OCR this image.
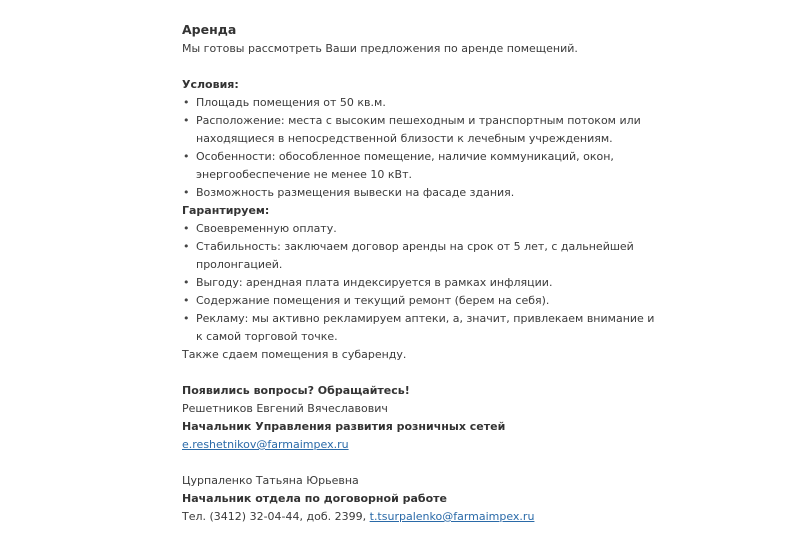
Аренда
Мы готовы рассмотреть Ваши предложения по аренде помещений.
Условия:
• Площадь помещения от 50 кв.м.
• Расположение: места с высоким пешеходным и транспортным потоком или находящиеся в непосредственной близости к лечебным учреждениям.
• Особенности: обособленное помещение, наличие коммуникаций, окон, энергообеспечение не менее 10 кВт.
• Возможность размещения вывески на фасаде здания.
Гарантируем:
• Своевременную оплату.
• Стабильность: заключаем договор аренды на срок от 5 лет, с дальнейшей пролонгацией.
• Выгоду: арендная плата индексируется в рамках инфляции.
• Содержание помещения и текущий ремонт (берем на себя).
• Рекламу: мы активно рекламируем аптеки, а, значит, привлекаем внимание и к самой торговой точке.
Также сдаем помещения в субаренду.
Появились вопросы? Обращайтесь!
Решетников Евгений Вячеславович
Начальник Управления развития розничных сетей
e.reshetnikov@farmaimpex.ru
Цурпаленко Татьяна Юрьевна
Начальник отдела по договорной работе
Тел. (3412) 32-04-44, доб. 2399, t.tsurpalenko@farmaimpex.ru
